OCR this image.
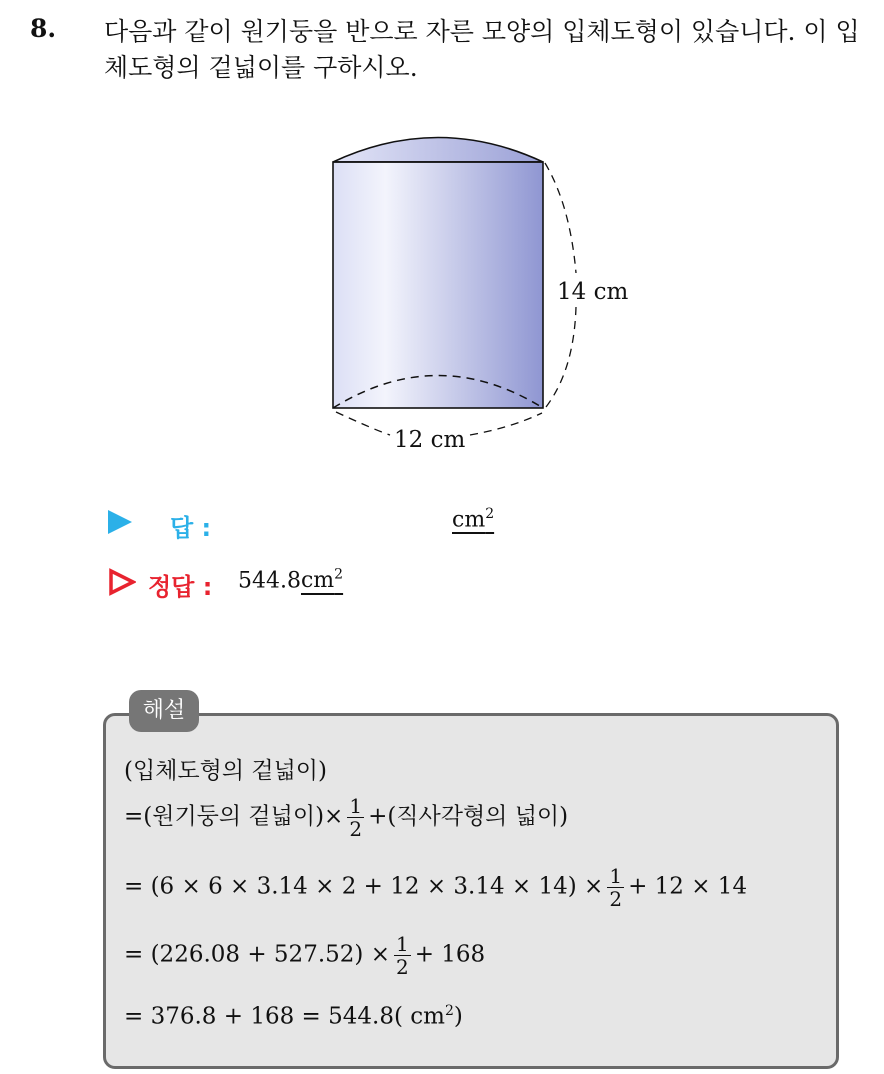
8. 다음과 같이 원기둥을 반으로 자른 모양의 입체도형이 있습니다. 이 입체도형의 겉넓이를 구하시오.
14 cm
12 cm
답 :	$cm^2$
정답 : $544.8cm^2$
해설
(입체도형의 겉넓이)
=(원기둥의 겉넓이)× $\frac{1}{2}$ +(직사각형의 넓이)
= $(6 \times 6 \times 3.14 \times 2 + 12 \times 3.14 \times 14) \times \frac{1}{2} + 12 \times 14$
= $(226.08 + 527.52) \times \frac{1}{2} + 168$
= 376.8 + 168 = 544.8( $cm^2$)
